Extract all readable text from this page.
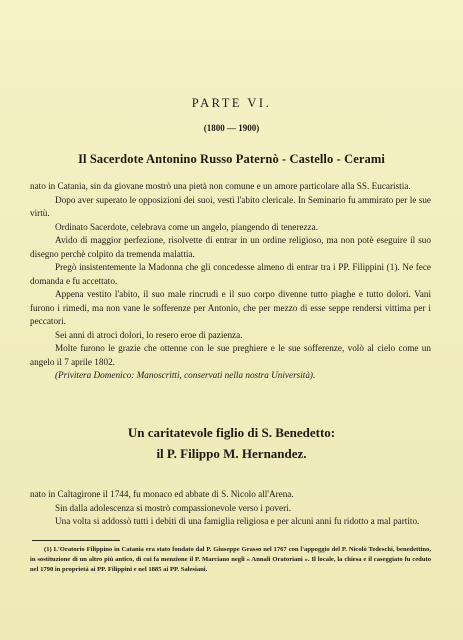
PARTE VI.
(1800 — 1900)
Il Sacerdote Antonino Russo Paternò - Castello - Cerami

nato in Catania, sin da giovane mostrò una pietà non comune e un amore particolare alla SS. Eucaristia.

Dopo aver superato le opposizioni dei suoi, vestì l'abito clericale. In Seminario fu ammirato per le sue virtù.

Ordinato Sacerdote, celebrava come un angelo, piangendo di tenerezza.

Avido di maggior perfezione, risolvette di entrar in un ordine religioso, ma non potè eseguire il suo disegno perchè colpito da tremenda malattia.

Pregò insistentemente la Madonna che gli concedesse almeno di entrar tra i PP. Filippini (1). Ne fece domanda e fu accettato.

Appena vestito l'abito, il suo male rincrudì e il suo corpo divenne tutto piaghe e tutto dolori. Vani furono i rimedi, ma non vane le sofferenze per Antonio, che per mezzo di esse seppe rendersi vittima per i peccatori.

Sei anni di atroci dolori, lo resero eroe di pazienza.

Molte furono le grazie che ottenne con le sue preghiere e le sue sofferenze, volò al cielo come un angelo il 7 aprile 1802.

(Privitera Domenico: Manoscritti, conservati nella nostra Università).

Un caritatevole figlio di S. Benedetto:
il P. Filippo M. Hernandez.

nato in Caltagirone il 1744, fu monaco ed abbate di S. Nicolo all'Arena.

Sin dalla adolescenza si mostrò compassionevole verso i poveri.

Una volta si addossò tutti i debiti di una famiglia religiosa e per alcuni anni fu ridotto a mal partito.

(1) L'Oratorio Filippino in Catania era stato fondato dal P. Giuseppe Grasso nel 1767 con l'appoggio del P. Nicolò Tedeschi, benedettino, in sostituzione di un altro più antico, di cui fa menzione il P. Marciano negli « Annali Oratoriani ». Il locale, la chiesa e il caseggiato fu ceduto nel 1790 in proprietà ai PP. Filippini e nel 1885 ai PP. Salesiani.
